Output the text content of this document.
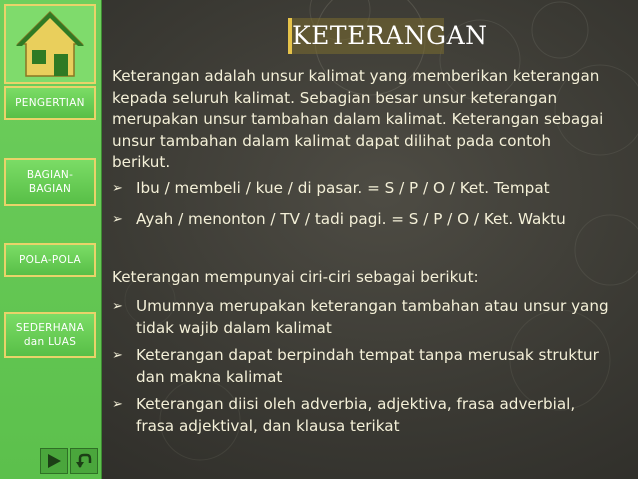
PENGERTIAN
BAGIAN-
BAGIAN
POLA-POLA
SEDERHANA
dan LUAS
KETERANGAN

Keterangan adalah unsur kalimat yang memberikan keterangan

kepada seluruh kalimat. Sebagian besar unsur keterangan

merupakan unsur tambahan dalam kalimat. Keterangan sebagai

unsur tambahan dalam kalimat dapat dilihat pada contoh

berikut.

➢ Ibu / membeli / kue / di pasar. = S / P / O / Ket. Tempat

➢ Ayah / menonton / TV / tadi pagi. = S / P / O / Ket. Waktu

Keterangan mempunyai ciri-ciri sebagai berikut:

➢ Umumnya merupakan keterangan tambahan atau unsur yang
tidak wajib dalam kalimat

➢ Keterangan dapat berpindah tempat tanpa merusak struktur
dan makna kalimat

➢ Keterangan diisi oleh adverbia, adjektiva, frasa adverbial,
frasa adjektival, dan klausa terikat
